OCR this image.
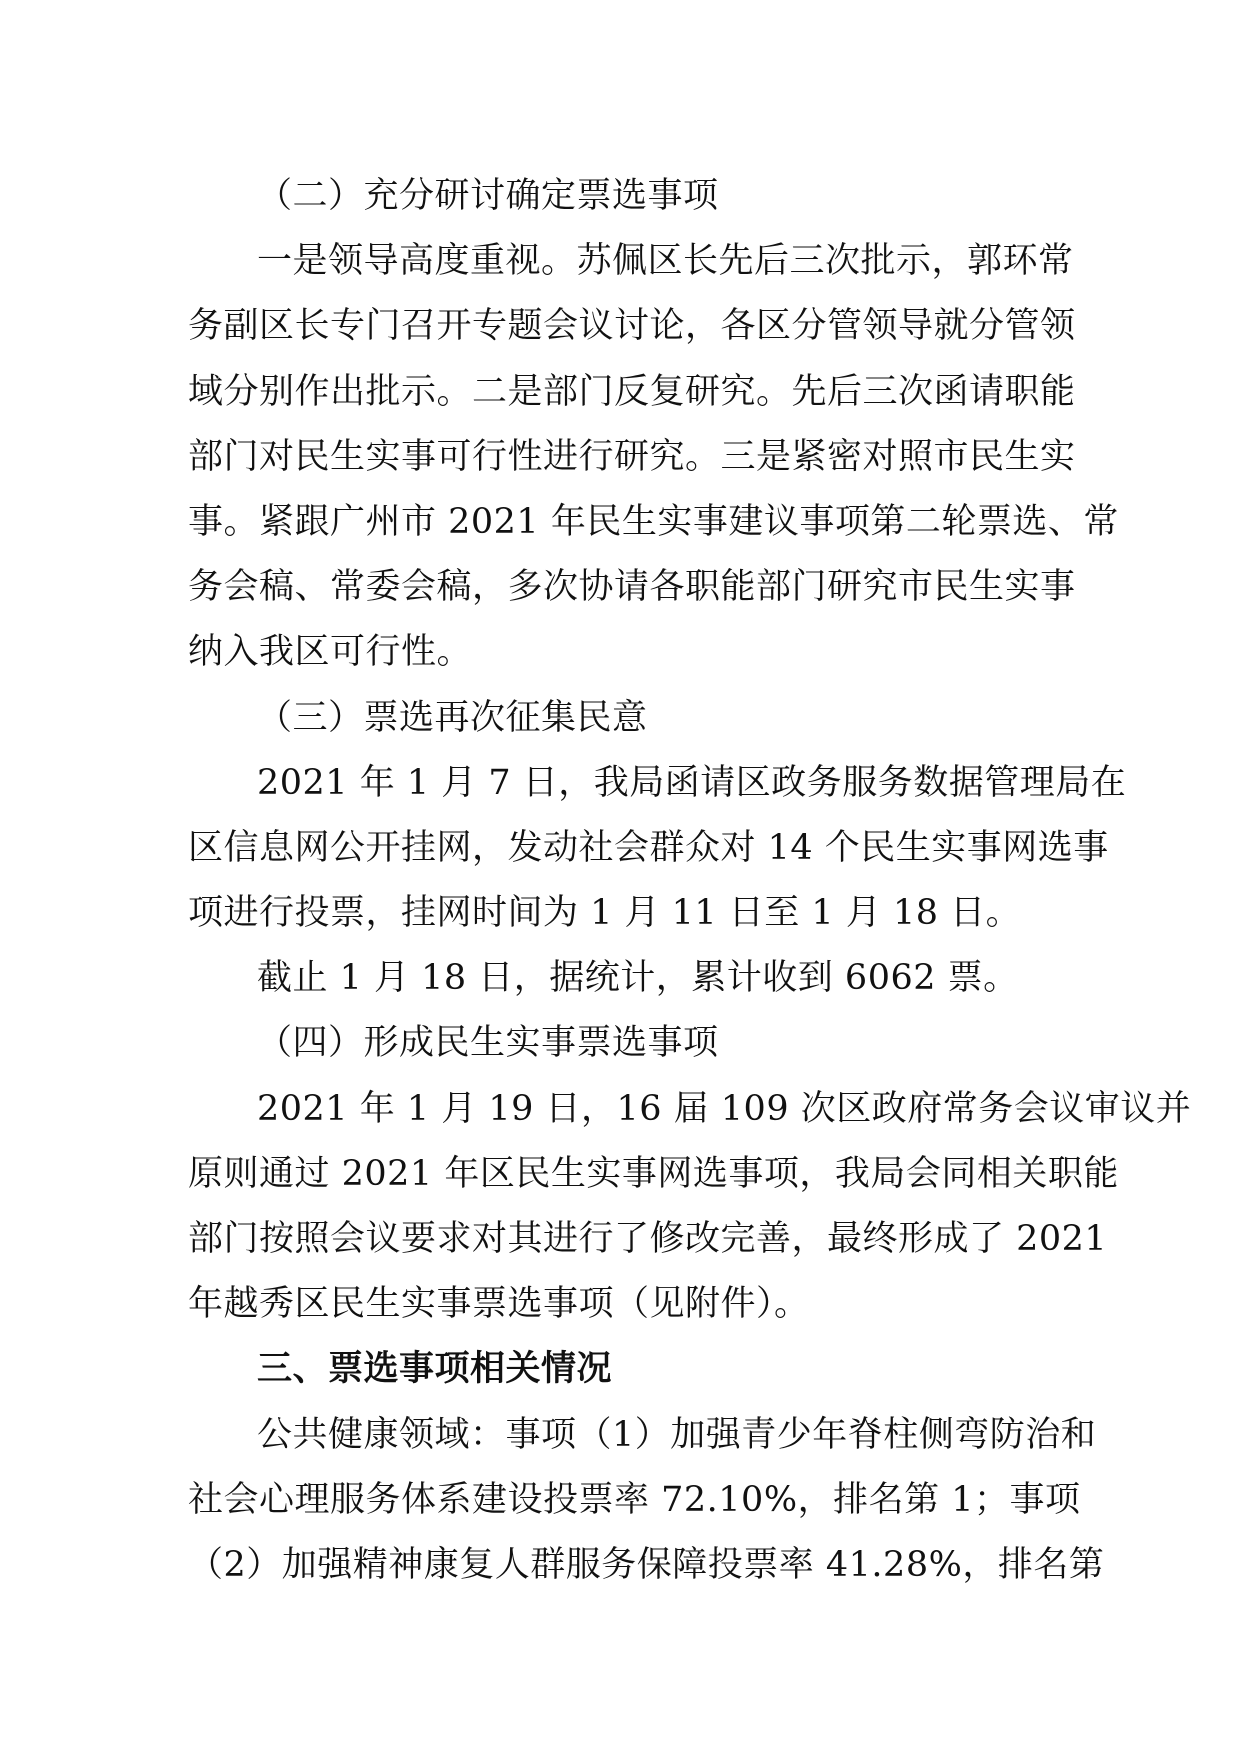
（二）充分研讨确定票选事项
一是领导高度重视。苏佩区长先后三次批示，郭环常
务副区长专门召开专题会议讨论，各区分管领导就分管领
域分别作出批示。二是部门反复研究。先后三次函请职能
部门对民生实事可行性进行研究。三是紧密对照市民生实
事。紧跟广州市 2021 年民生实事建议事项第二轮票选、常
务会稿、常委会稿，多次协请各职能部门研究市民生实事
纳入我区可行性。
（三）票选再次征集民意
2021 年 1 月 7 日，我局函请区政务服务数据管理局在
区信息网公开挂网，发动社会群众对 14 个民生实事网选事
项进行投票，挂网时间为 1 月 11 日至 1 月 18 日。
截止 1 月 18 日，据统计，累计收到 6062 票。
（四）形成民生实事票选事项
2021 年 1 月 19 日，16 届 109 次区政府常务会议审议并
原则通过 2021 年区民生实事网选事项，我局会同相关职能
部门按照会议要求对其进行了修改完善，最终形成了 2021
年越秀区民生实事票选事项（见附件）。
三、票选事项相关情况
公共健康领域：事项（1）加强青少年脊柱侧弯防治和
社会心理服务体系建设投票率 72.10%，排名第 1；事项
（2）加强精神康复人群服务保障投票率 41.28%，排名第
